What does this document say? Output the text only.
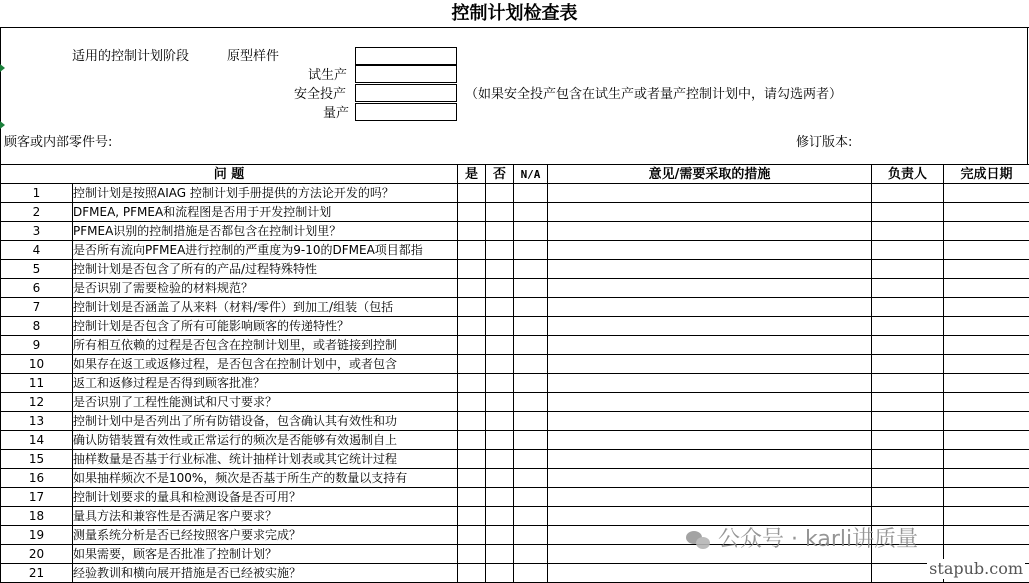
控制计划检查表
适用的控制计划阶段	原型样件
试生产
安全投产
量产
（如果安全投产包含在试生产或者量产控制计划中，请勾选两者）
顾客或内部零件号:	修订版本:
问 题		是	否	N/A	意见/需要采取的措施	负责人	完成日期
1	控制计划是按照AIAG 控制计划手册提供的方法论开发的吗？						
2	DFMEA, PFMEA和流程图是否用于开发控制计划						
3	PFMEA识别的控制措施是否都包含在控制计划里？						
4	是否所有流向PFMEA进行控制的严重度为9-10的DFMEA项目都指						
5	控制计划是否包含了所有的产品/过程特殊特性						
6	是否识别了需要检验的材料规范？						
7	控制计划是否涵盖了从来料（材料/零件）到加工/组装（包括						
8	控制计划是否包含了所有可能影响顾客的传递特性？						
9	所有相互依赖的过程是否包含在控制计划里，或者链接到控制						
10	如果存在返工或返修过程，是否包含在控制计划中，或者包含						
11	返工和返修过程是否得到顾客批准？						
12	是否识别了工程性能测试和尺寸要求？						
13	控制计划中是否列出了所有防错设备，包含确认其有效性和功						
14	确认防错装置有效性或正常运行的频次是否能够有效遏制自上						
15	抽样数量是否基于行业标准、统计抽样计划表或其它统计过程						
16	如果抽样频次不是100%，频次是否基于所生产的数量以支持有						
17	控制计划要求的量具和检测设备是否可用？						
18	量具方法和兼容性是否满足客户要求？						
19	测量系统分析是否已经按照客户要求完成？						
20	如果需要，顾客是否批准了控制计划？						
21	经验教训和横向展开措施是否已经被实施？						
公众号 · karli讲质量
stapub.com
